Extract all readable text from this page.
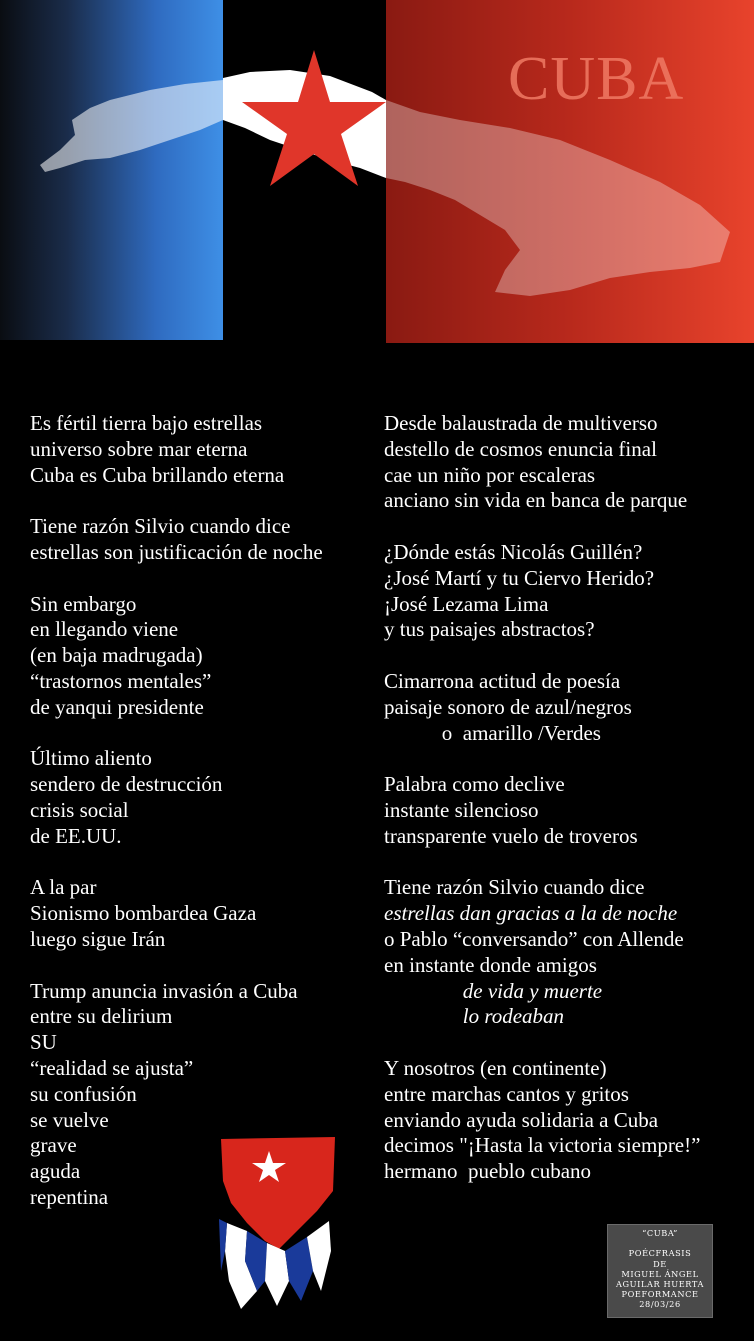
CUBA
Es fértil tierra bajo estrellas
universo sobre mar eterna
Cuba es Cuba brillando eterna
Tiene razón Silvio cuando dice
estrellas son justificación de noche
Sin embargo
en llegando viene
(en baja madrugada)
“trastornos mentales”
de yanqui presidente
Último aliento
sendero de destrucción
crisis social
de EE.UU.
A la par
Sionismo bombardea Gaza
luego sigue Irán
Trump anuncia invasión a Cuba
entre su delirium
SU
“realidad se ajusta”
su confusión
se vuelve
grave
aguda
repentina
Desde balaustrada de multiverso
destello de cosmos enuncia final
cae un niño por escaleras
anciano sin vida en banca de parque
¿Dónde estás Nicolás Guillén?
¿José Martí y tu Ciervo Herido?
¡José Lezama Lima
y tus paisajes abstractos?
Cimarrona actitud de poesía
paisaje sonoro de azul/negros
o  amarillo /Verdes
Palabra como declive
instante silencioso
transparente vuelo de troveros
Tiene razón Silvio cuando dice
estrellas dan gracias a la de noche
o Pablo “conversando” con Allende
en instante donde amigos
de vida y muerte
lo rodeaban
Y nosotros (en continente)
entre marchas cantos y gritos
enviando ayuda solidaria a Cuba
decimos "¡Hasta la victoria siempre!”
hermano  pueblo cubano
“CUBA”

POÉCFRASIS
DE
MIGUEL ÁNGEL
AGUILAR HUERTA
POEFORMANCE
28/03/26
